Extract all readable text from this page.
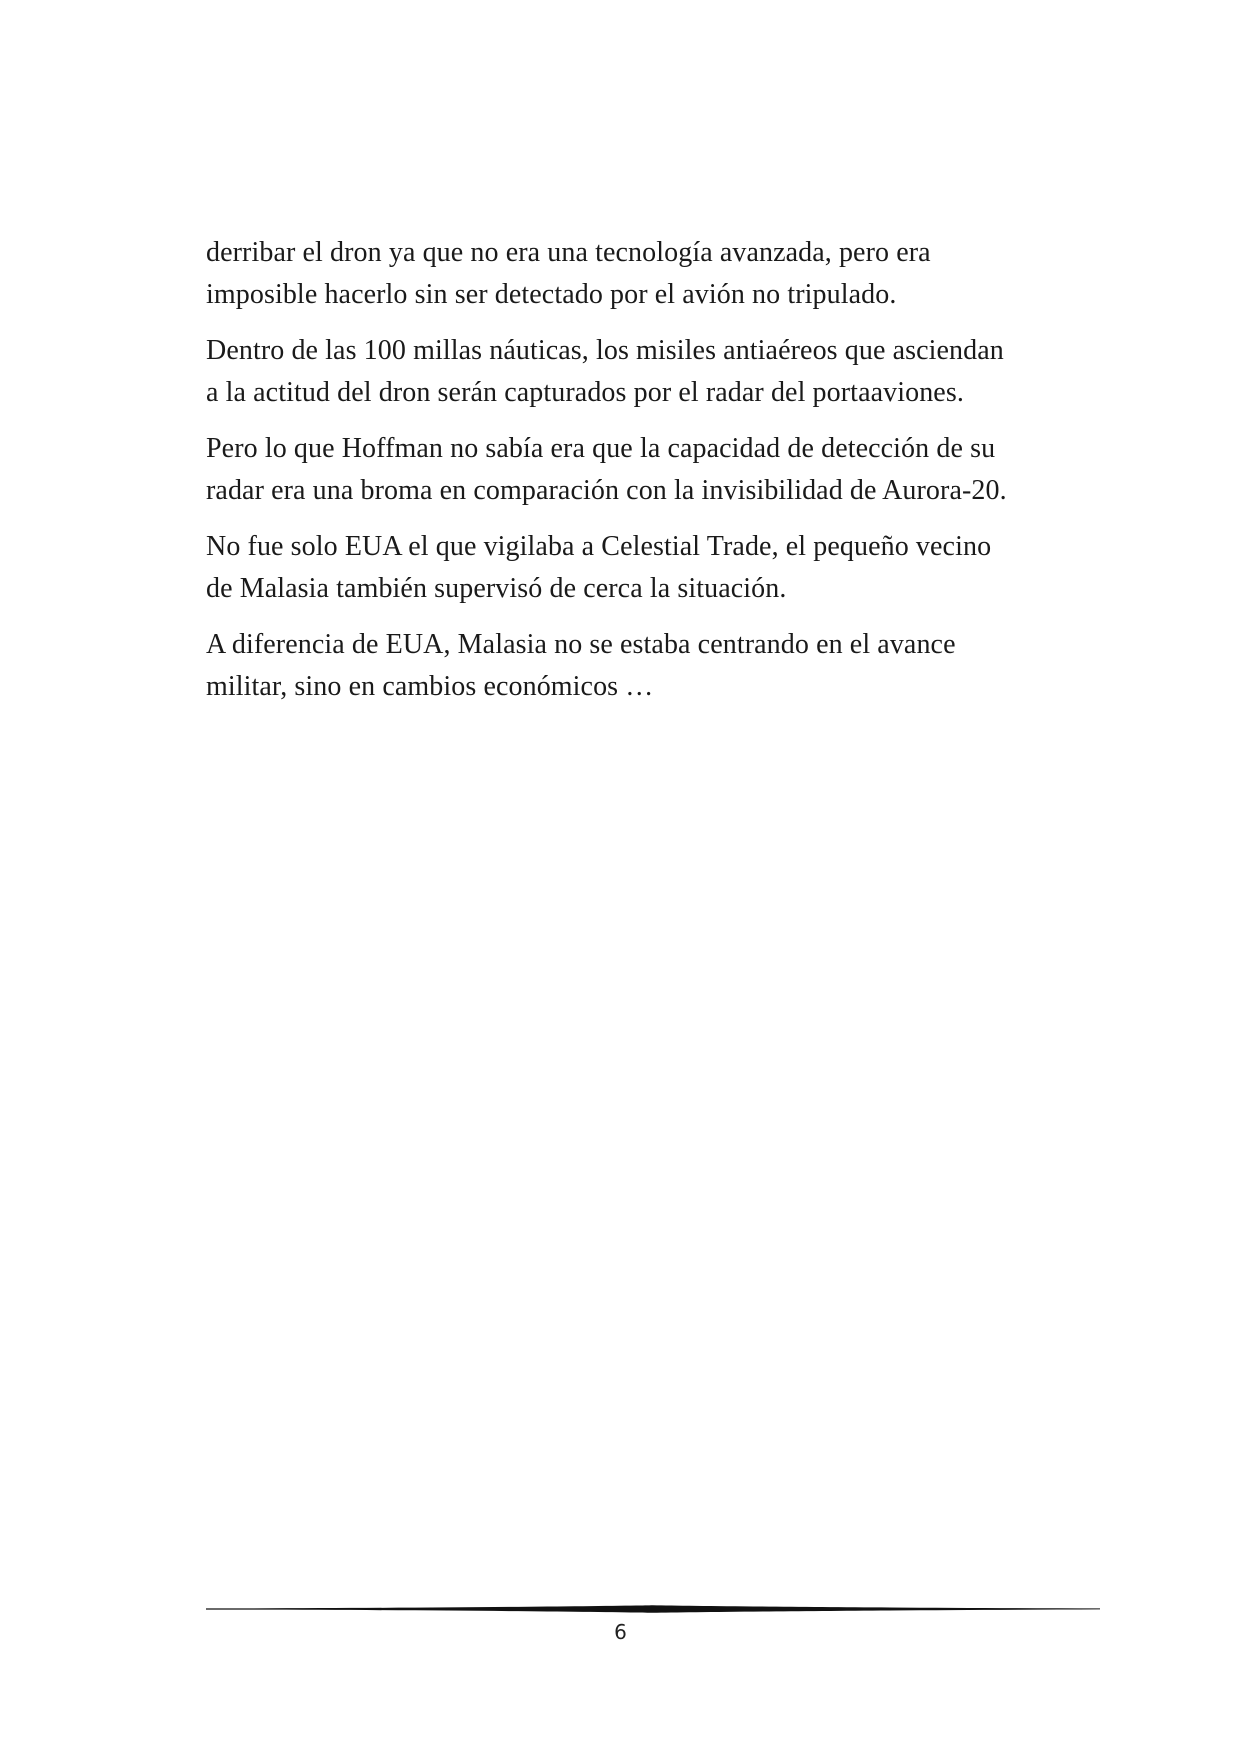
derribar el dron ya que no era una tecnología avanzada, pero era
imposible hacerlo sin ser detectado por el avión no tripulado.

Dentro de las 100 millas náuticas, los misiles antiaéreos que asciendan
a la actitud del dron serán capturados por el radar del portaaviones.

Pero lo que Hoffman no sabía era que la capacidad de detección de su
radar era una broma en comparación con la invisibilidad de Aurora-20.

No fue solo EUA el que vigilaba a Celestial Trade, el pequeño vecino
de Malasia también supervisó de cerca la situación.

A diferencia de EUA, Malasia no se estaba centrando en el avance
militar, sino en cambios económicos …

6
